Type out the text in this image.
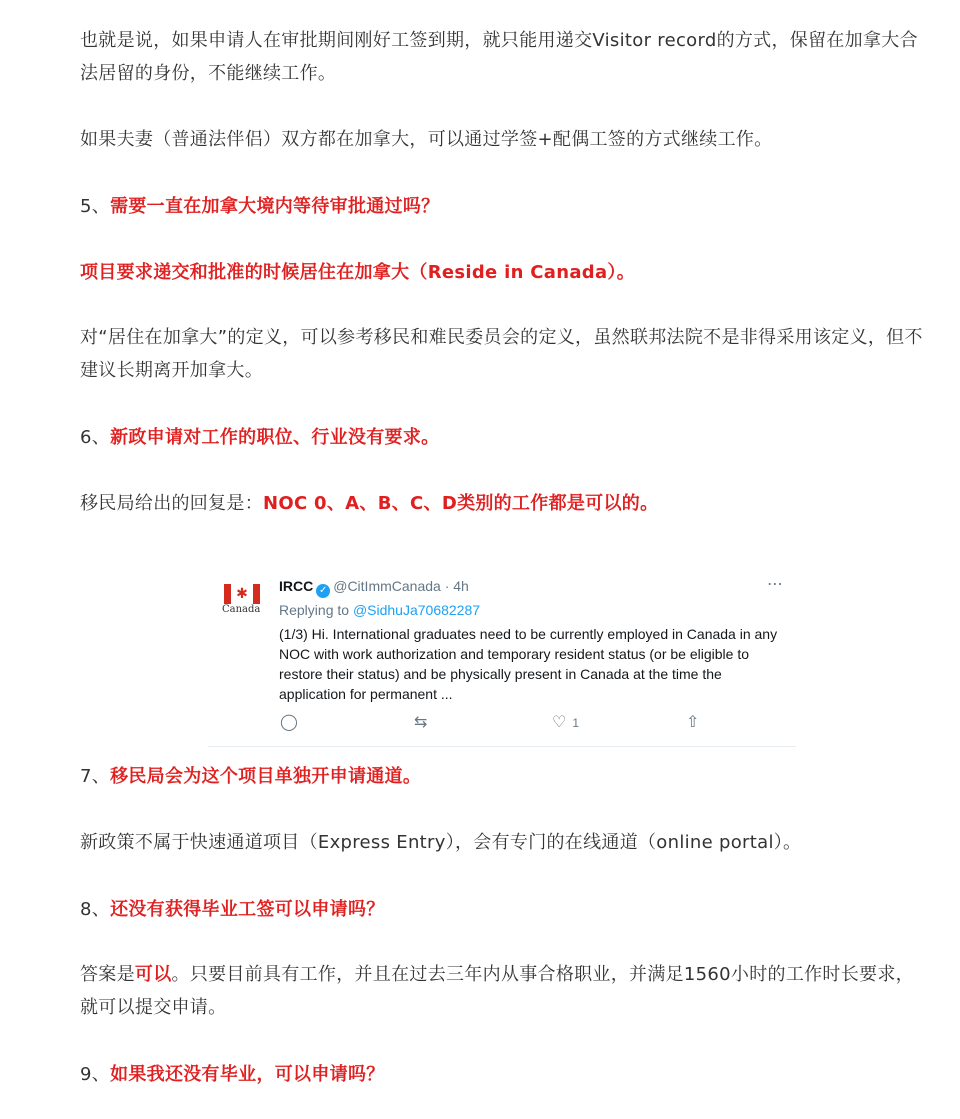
也就是说，如果申请人在审批期间刚好工签到期，就只能用递交Visitor record的方式，保留在加拿大合法居留的身份，不能继续工作。

如果夫妻（普通法伴侣）双方都在加拿大，可以通过学签+配偶工签的方式继续工作。

5、需要一直在加拿大境内等待审批通过吗？

项目要求递交和批准的时候居住在加拿大（Reside in Canada）。

对“居住在加拿大”的定义，可以参考移民和难民委员会的定义，虽然联邦法院不是非得采用该定义，但不建议长期离开加拿大。

6、新政申请对工作的职位、行业没有要求。

移民局给出的回复是：NOC 0、A、B、C、D类别的工作都是可以的。

✱
Canada
IRCC ✓ @CitImmCanada · 4h	⋯
Replying to @SidhuJa70682287
(1/3) Hi. International graduates need to be currently employed in Canada in any NOC with work authorization and temporary resident status (or be eligible to restore their status) and be physically present in Canada at the time the application for permanent ...
◯	⇆	♡ 1	⇧

7、移民局会为这个项目单独开申请通道。

新政策不属于快速通道项目（Express Entry），会有专门的在线通道（online portal）。

8、还没有获得毕业工签可以申请吗？

答案是可以。只要目前具有工作，并且在过去三年内从事合格职业，并满足1560小时的工作时长要求，就可以提交申请。

9、如果我还没有毕业，可以申请吗？
